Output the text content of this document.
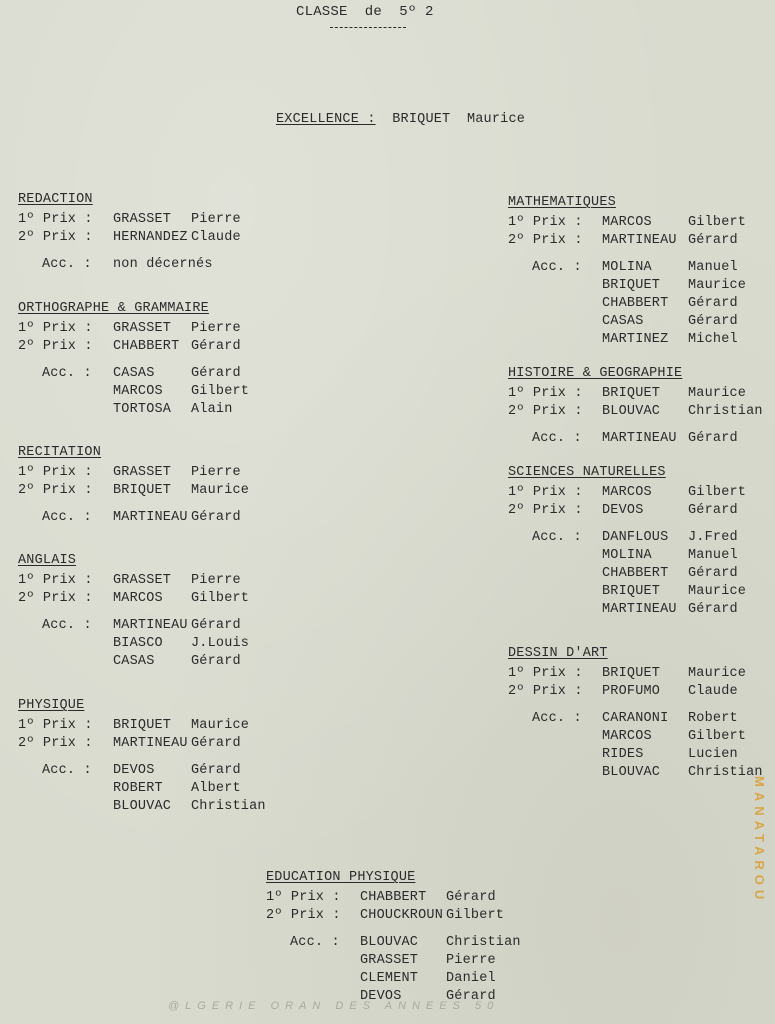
CLASSE  de  5º 2
EXCELLENCE : BRIQUET  Maurice
REDACTION
1º Prix :	GRASSET	Pierre
2º Prix :	HERNANDEZ Claude
Acc. :	non décernés
ORTHOGRAPHE & GRAMMAIRE
1º Prix :	GRASSET	Pierre
2º Prix :	CHABBERT Gérard
Acc. :	CASAS	Gérard
MARCOS	Gilbert
TORTOSA	Alain
RECITATION
1º Prix :	GRASSET	Pierre
2º Prix :	BRIQUET	Maurice
Acc. :	MARTINEAU Gérard
ANGLAIS
1º Prix :	GRASSET	Pierre
2º Prix :	MARCOS	Gilbert
Acc. :	MARTINEAU Gérard
BIASCO	J.Louis
CASAS	Gérard
PHYSIQUE
1º Prix :	BRIQUET	Maurice
2º Prix :	MARTINEAU Gérard
Acc. :	DEVOS	Gérard
ROBERT	Albert
BLOUVAC	Christian
MATHEMATIQUES
1º Prix :	MARCOS	Gilbert
2º Prix :	MARTINEAU Gérard
Acc. :	MOLINA	Manuel
BRIQUET	Maurice
CHABBERT	Gérard
CASAS	Gérard
MARTINEZ	Michel
HISTOIRE & GEOGRAPHIE
1º Prix :	BRIQUET	Maurice
2º Prix :	BLOUVAC	Christian
Acc. :	MARTINEAU Gérard
SCIENCES NATURELLES
1º Prix :	MARCOS	Gilbert
2º Prix :	DEVOS	Gérard
Acc. :	DANFLOUS	J.Fred
MOLINA	Manuel
CHABBERT	Gérard
BRIQUET	Maurice
MARTINEAU Gérard
DESSIN D'ART
1º Prix :	BRIQUET	Maurice
2º Prix :	PROFUMO	Claude
Acc. :	CARANONI	Robert
MARCOS	Gilbert
RIDES	Lucien
BLOUVAC	Christian
EDUCATION PHYSIQUE
1º Prix :	CHABBERT	Gérard
2º Prix :	CHOUCKROUN Gilbert
Acc. :	BLOUVAC	Christian
GRASSET	Pierre
CLEMENT	Daniel
DEVOS	Gérard
MANATAROU
@LGERIE ORAN DES ANNEES 50
